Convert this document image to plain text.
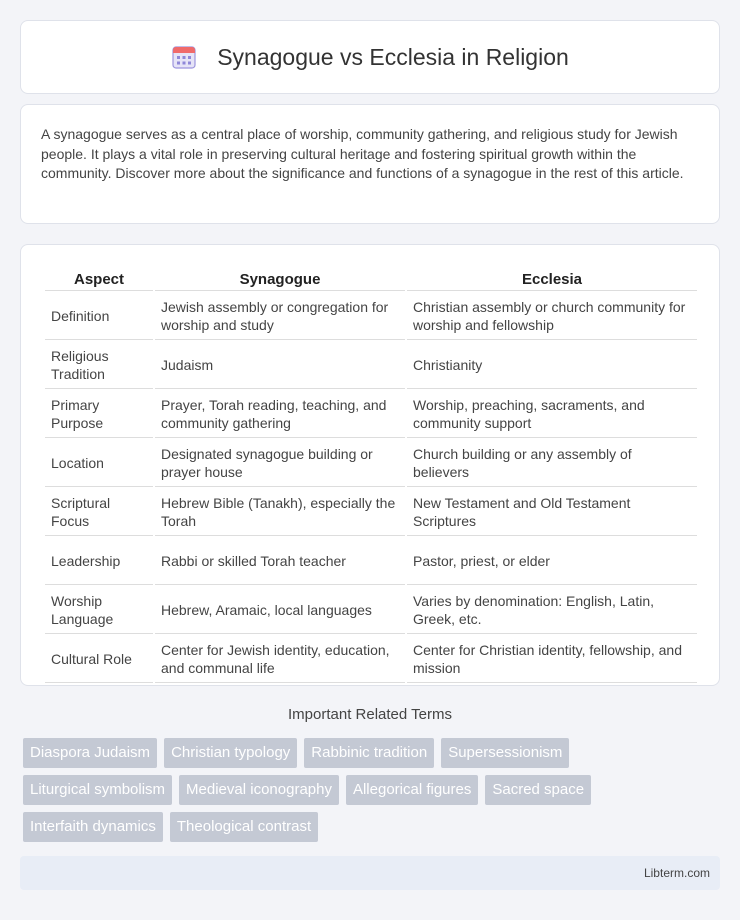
Synagogue vs Ecclesia in Religion

A synagogue serves as a central place of worship, community gathering, and religious study for Jewish people. It plays a vital role in preserving cultural heritage and fostering spiritual growth within the community. Discover more about the significance and functions of a synagogue in the rest of this article.

Aspect	Synagogue	Ecclesia
Definition	Jewish assembly or congregation for worship and study	Christian assembly or church community for worship and fellowship
Religious Tradition	Judaism	Christianity
Primary Purpose	Prayer, Torah reading, teaching, and community gathering	Worship, preaching, sacraments, and community support
Location	Designated synagogue building or prayer house	Church building or any assembly of believers
Scriptural Focus	Hebrew Bible (Tanakh), especially the Torah	New Testament and Old Testament Scriptures
Leadership	Rabbi or skilled Torah teacher	Pastor, priest, or elder
Worship Language	Hebrew, Aramaic, local languages	Varies by denomination: English, Latin, Greek, etc.
Cultural Role	Center for Jewish identity, education, and communal life	Center for Christian identity, fellowship, and mission
Important Related Terms
Diaspora Judaism	Christian typology	Rabbinic tradition	Supersessionism
Liturgical symbolism	Medieval iconography	Allegorical figures	Sacred space
Interfaith dynamics	Theological contrast
Libterm.com
